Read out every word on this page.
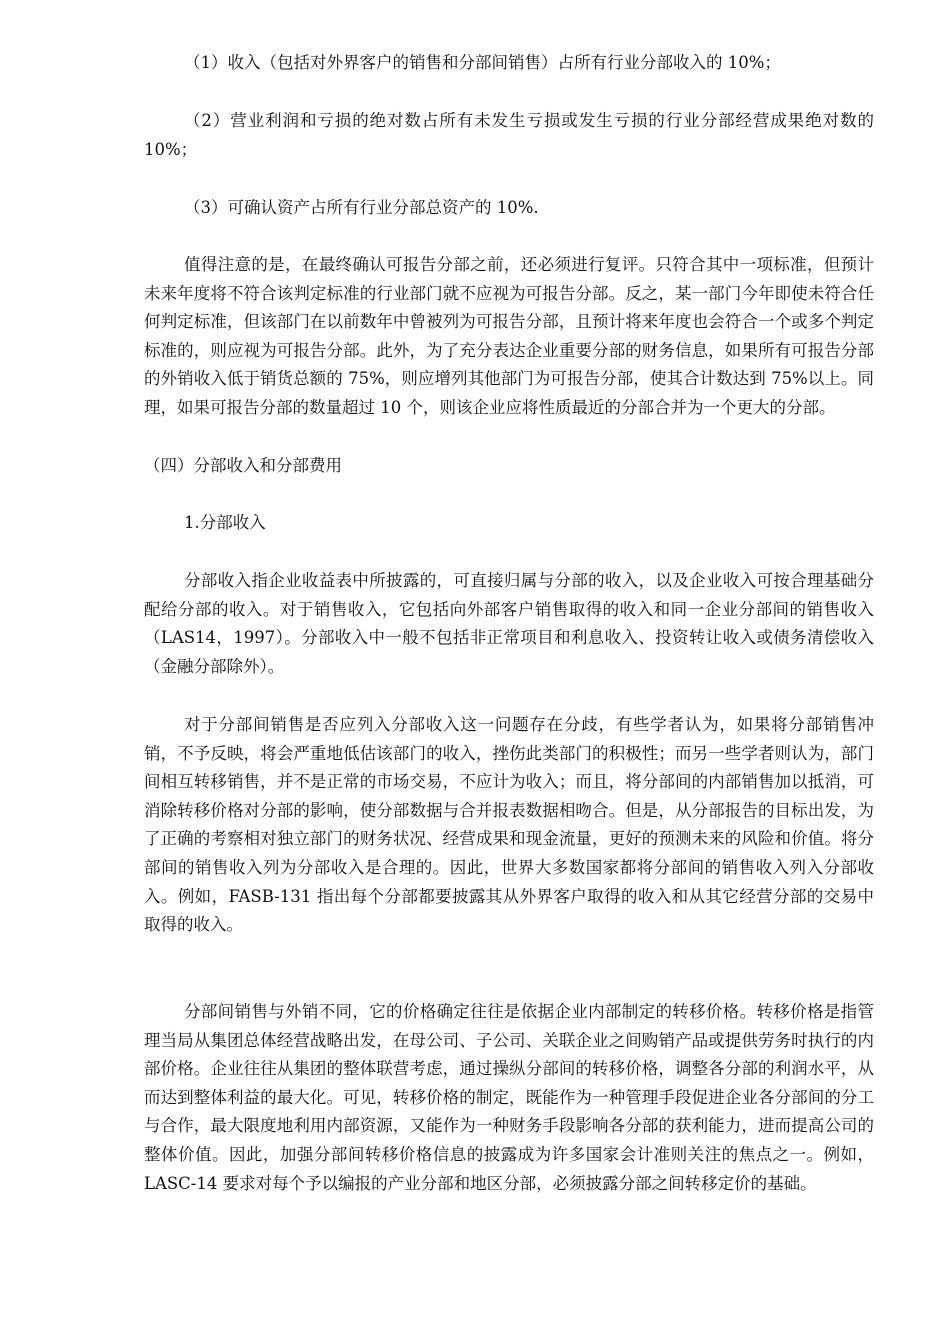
（1）收入（包括对外界客户的销售和分部间销售）占所有行业分部收入的 10%；

（2）营业利润和亏损的绝对数占所有未发生亏损或发生亏损的行业分部经营成果绝对数的 10%；

（3）可确认资产占所有行业分部总资产的 10%.

值得注意的是，在最终确认可报告分部之前，还必须进行复评。只符合其中一项标准，但预计未来年度将不符合该判定标准的行业部门就不应视为可报告分部。反之，某一部门今年即使未符合任何判定标准，但该部门在以前数年中曾被列为可报告分部，且预计将来年度也会符合一个或多个判定标准的，则应视为可报告分部。此外，为了充分表达企业重要分部的财务信息，如果所有可报告分部的外销收入低于销货总额的 75%，则应增列其他部门为可报告分部，使其合计数达到 75%以上。同理，如果可报告分部的数量超过 10 个，则该企业应将性质最近的分部合并为一个更大的分部。

（四）分部收入和分部费用

1.分部收入

分部收入指企业收益表中所披露的，可直接归属与分部的收入，以及企业收入可按合理基础分配给分部的收入。对于销售收入，它包括向外部客户销售取得的收入和同一企业分部间的销售收入（LAS14，1997）。分部收入中一般不包括非正常项目和利息收入、投资转让收入或债务清偿收入（金融分部除外）。

对于分部间销售是否应列入分部收入这一问题存在分歧，有些学者认为，如果将分部销售冲销，不予反映，将会严重地低估该部门的收入，挫伤此类部门的积极性；而另一些学者则认为，部门间相互转移销售，并不是正常的市场交易，不应计为收入；而且，将分部间的内部销售加以抵消，可消除转移价格对分部的影响，使分部数据与合并报表数据相吻合。但是，从分部报告的目标出发，为了正确的考察相对独立部门的财务状况、经营成果和现金流量，更好的预测未来的风险和价值。将分部间的销售收入列为分部收入是合理的。因此，世界大多数国家都将分部间的销售收入列入分部收入。例如，FASB-131 指出每个分部都要披露其从外界客户取得的收入和从其它经营分部的交易中取得的收入。

分部间销售与外销不同，它的价格确定往往是依据企业内部制定的转移价格。转移价格是指管理当局从集团总体经营战略出发，在母公司、子公司、关联企业之间购销产品或提供劳务时执行的内部价格。企业往往从集团的整体联营考虑，通过操纵分部间的转移价格，调整各分部的利润水平，从而达到整体利益的最大化。可见，转移价格的制定，既能作为一种管理手段促进企业各分部间的分工与合作，最大限度地利用内部资源，又能作为一种财务手段影响各分部的获利能力，进而提高公司的整体价值。因此，加强分部间转移价格信息的披露成为许多国家会计准则关注的焦点之一。例如，LASC-14 要求对每个予以编报的产业分部和地区分部，必须披露分部之间转移定价的基础。
